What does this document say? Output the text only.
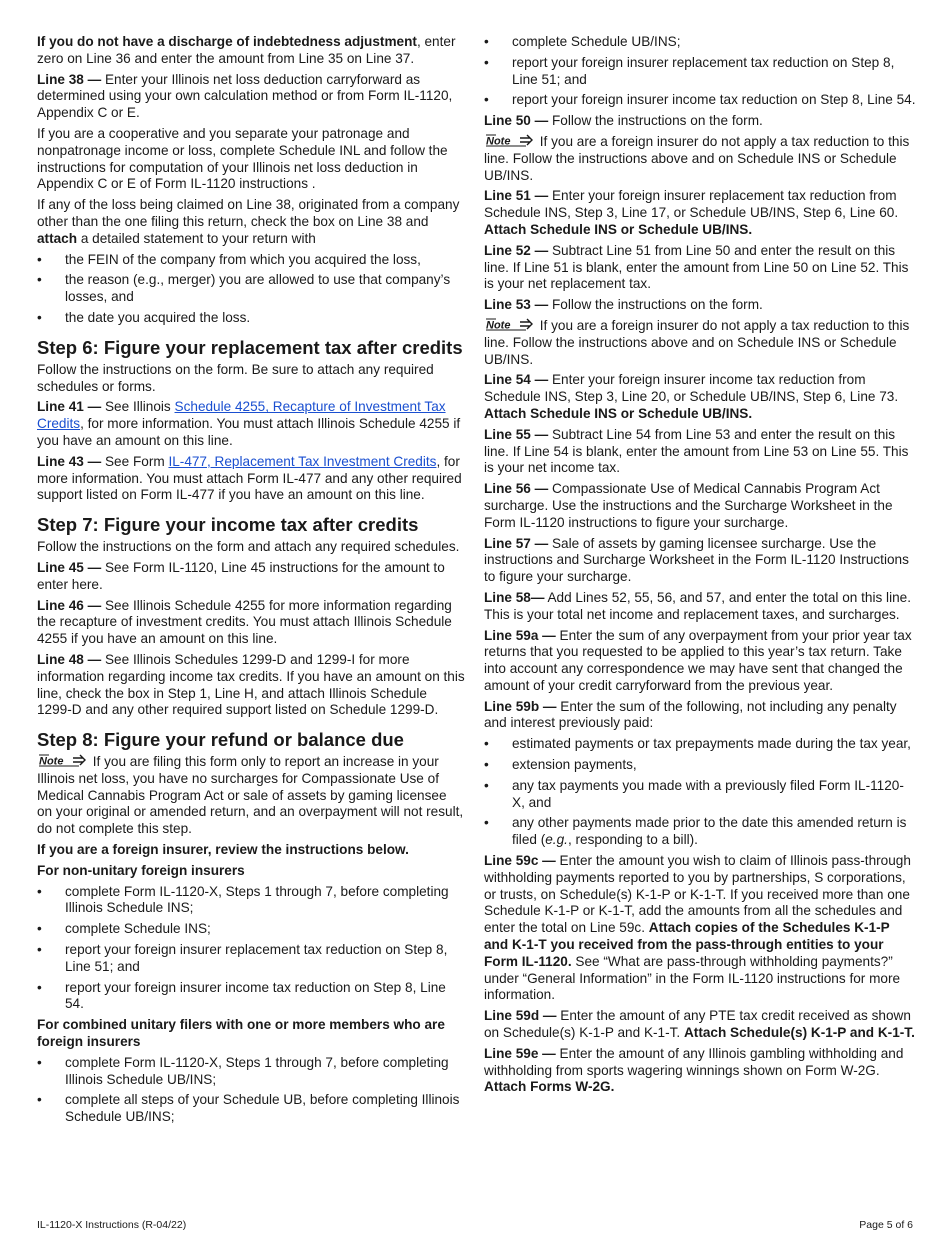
If you do not have a discharge of indebtedness adjustment, enter zero on Line 36 and enter the amount from Line 35 on Line 37.

Line 38 — Enter your Illinois net loss deduction carryforward as determined using your own calculation method or from Form IL-1120, Appendix C or E.

If you are a cooperative and you separate your patronage and nonpatronage income or loss, complete Schedule INL and follow the instructions for computation of your Illinois net loss deduction in Appendix C or E of Form IL-1120 instructions .

If any of the loss being claimed on Line 38, originated from a company other than the one filing this return, check the box on Line 38 and attach a detailed statement to your return with

• the FEIN of the company from which you acquired the loss,
• the reason (e.g., merger) you are allowed to use that company’s losses, and
• the date you acquired the loss.
Step 6: Figure your replacement tax after credits

Follow the instructions on the form. Be sure to attach any required schedules or forms.

Line 41 — See Illinois Schedule 4255, Recapture of Investment Tax Credits, for more information. You must attach Illinois Schedule 4255 if you have an amount on this line.

Line 43 — See Form IL-477, Replacement Tax Investment Credits, for more information. You must attach Form IL-477 and any other required support listed on Form IL-477 if you have an amount on this line.

Step 7: Figure your income tax after credits

Follow the instructions on the form and attach any required schedules.

Line 45 — See Form IL-1120, Line 45 instructions for the amount to enter here.

Line 46 — See Illinois Schedule 4255 for more information regarding the recapture of investment credits. You must attach Illinois Schedule 4255 if you have an amount on this line.

Line 48 — See Illinois Schedules 1299-D and 1299-I for more information regarding income tax credits. If you have an amount on this line, check the box in Step 1, Line H, and attach Illinois Schedule 1299-D and any other required support listed on Schedule 1299-D.

Step 8: Figure your refund or balance due

Note If you are filing this form only to report an increase in your Illinois net loss, you have no surcharges for Compassionate Use of Medical Cannabis Program Act or sale of assets by gaming licensee on your original or amended return, and an overpayment will not result, do not complete this step.

If you are a foreign insurer, review the instructions below.

For non-unitary foreign insurers

• complete Form IL-1120-X, Steps 1 through 7, before completing Illinois Schedule INS;
• complete Schedule INS;
• report your foreign insurer replacement tax reduction on Step 8, Line 51; and
• report your foreign insurer income tax reduction on Step 8, Line 54.

For combined unitary filers with one or more members who are foreign insurers

• complete Form IL-1120-X, Steps 1 through 7, before completing Illinois Schedule UB/INS;
• complete all steps of your Schedule UB, before completing Illinois Schedule UB/INS;
• complete Schedule UB/INS;
• report your foreign insurer replacement tax reduction on Step 8, Line 51; and
• report your foreign insurer income tax reduction on Step 8, Line 54.

Line 50 — Follow the instructions on the form.

Note If you are a foreign insurer do not apply a tax reduction to this line. Follow the instructions above and on Schedule INS or Schedule UB/INS.

Line 51 — Enter your foreign insurer replacement tax reduction from Schedule INS, Step 3, Line 17, or Schedule UB/INS, Step 6, Line 60. Attach Schedule INS or Schedule UB/INS.

Line 52 — Subtract Line 51 from Line 50 and enter the result on this line. If Line 51 is blank, enter the amount from Line 50 on Line 52. This is your net replacement tax.

Line 53 — Follow the instructions on the form.

Note If you are a foreign insurer do not apply a tax reduction to this line. Follow the instructions above and on Schedule INS or Schedule UB/INS.

Line 54 — Enter your foreign insurer income tax reduction from Schedule INS, Step 3, Line 20, or Schedule UB/INS, Step 6, Line 73. Attach Schedule INS or Schedule UB/INS.

Line 55 — Subtract Line 54 from Line 53 and enter the result on this line. If Line 54 is blank, enter the amount from Line 53 on Line 55. This is your net income tax.

Line 56 — Compassionate Use of Medical Cannabis Program Act surcharge. Use the instructions and the Surcharge Worksheet in the Form IL-1120 instructions to figure your surcharge.

Line 57 — Sale of assets by gaming licensee surcharge. Use the instructions and Surcharge Worksheet in the Form IL-1120 Instructions to figure your surcharge.

Line 58— Add Lines 52, 55, 56, and 57, and enter the total on this line. This is your total net income and replacement taxes, and surcharges.

Line 59a — Enter the sum of any overpayment from your prior year tax returns that you requested to be applied to this year’s tax return. Take into account any correspondence we may have sent that changed the amount of your credit carryforward from the previous year.

Line 59b — Enter the sum of the following, not including any penalty and interest previously paid:

• estimated payments or tax prepayments made during the tax year,
• extension payments,
• any tax payments you made with a previously filed Form IL-1120-X, and
• any other payments made prior to the date this amended return is filed (e.g., responding to a bill).

Line 59c — Enter the amount you wish to claim of Illinois pass-through withholding payments reported to you by partnerships, S corporations, or trusts, on Schedule(s) K-1-P or K-1-T. If you received more than one Schedule K-1-P or K-1-T, add the amounts from all the schedules and enter the total on Line 59c. Attach copies of the Schedules K-1-P and K-1-T you received from the pass-through entities to your Form IL-1120. See “What are pass-through withholding payments?” under “General Information” in the Form IL-1120 instructions for more information.

Line 59d — Enter the amount of any PTE tax credit received as shown on Schedule(s) K-1-P and K-1-T. Attach Schedule(s) K-1-P and K-1-T.

Line 59e — Enter the amount of any Illinois gambling withholding and withholding from sports wagering winnings shown on Form W-2G. Attach Forms W-2G.

IL-1120-X Instructions (R-04/22)	Page 5 of 6
